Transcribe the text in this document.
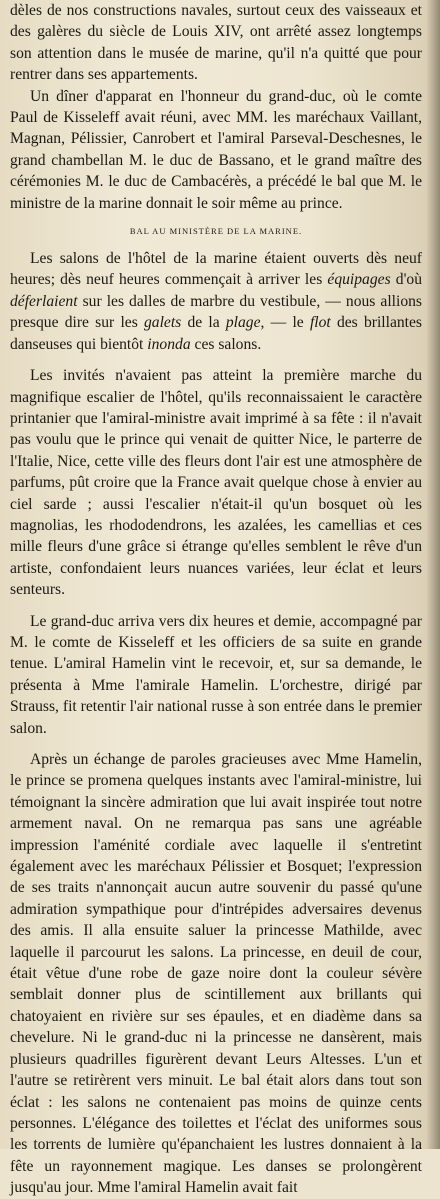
dèles de nos constructions navales, surtout ceux des vaisseaux et des galères du siècle de Louis XIV, ont arrêté assez longtemps son attention dans le musée de marine, qu'il n'a quitté que pour rentrer dans ses appartements.

Un dîner d'apparat en l'honneur du grand-duc, où le comte Paul de Kisseleff avait réuni, avec MM. les maréchaux Vaillant, Magnan, Pélissier, Canrobert et l'amiral Parseval-Deschesnes, le grand chambellan M. le duc de Bassano, et le grand maître des cérémonies M. le duc de Cambacérès, a précédé le bal que M. le ministre de la marine donnait le soir même au prince.

BAL AU MINISTÈRE DE LA MARINE.

Les salons de l'hôtel de la marine étaient ouverts dès neuf heures; dès neuf heures commençait à arriver les équipages d'où déferlaient sur les dalles de marbre du vestibule, — nous allions presque dire sur les galets de la plage, — le flot des brillantes danseuses qui bientôt inonda ces salons.

Les invités n'avaient pas atteint la première marche du magnifique escalier de l'hôtel, qu'ils reconnaissaient le caractère printanier que l'amiral-ministre avait imprimé à sa fête : il n'avait pas voulu que le prince qui venait de quitter Nice, le parterre de l'Italie, Nice, cette ville des fleurs dont l'air est une atmosphère de parfums, pût croire que la France avait quelque chose à envier au ciel sarde ; aussi l'escalier n'était-il qu'un bosquet où les magnolias, les rhododendrons, les azalées, les camellias et ces mille fleurs d'une grâce si étrange qu'elles semblent le rêve d'un artiste, confondaient leurs nuances variées, leur éclat et leurs senteurs.

Le grand-duc arriva vers dix heures et demie, accompagné par M. le comte de Kisseleff et les officiers de sa suite en grande tenue. L'amiral Hamelin vint le recevoir, et, sur sa demande, le présenta à Mme l'amirale Hamelin. L'orchestre, dirigé par Strauss, fit retentir l'air national russe à son entrée dans le premier salon.

Après un échange de paroles gracieuses avec Mme Hamelin, le prince se promena quelques instants avec l'amiral-ministre, lui témoignant la sincère admiration que lui avait inspirée tout notre armement naval. On ne remarqua pas sans une agréable impression l'aménité cordiale avec laquelle il s'entretint également avec les maréchaux Pélissier et Bosquet; l'expression de ses traits n'annonçait aucun autre souvenir du passé qu'une admiration sympathique pour d'intrépides adversaires devenus des amis. Il alla ensuite saluer la princesse Mathilde, avec laquelle il parcourut les salons. La princesse, en deuil de cour, était vêtue d'une robe de gaze noire dont la couleur sévère semblait donner plus de scintillement aux brillants qui chatoyaient en rivière sur ses épaules, et en diadème dans sa chevelure. Ni le grand-duc ni la princesse ne dansèrent, mais plusieurs quadrilles figurèrent devant Leurs Altesses. L'un et l'autre se retirèrent vers minuit. Le bal était alors dans tout son éclat : les salons ne contenaient pas moins de quinze cents personnes. L'élégance des toilettes et l'éclat des uniformes sous les torrents de lumière qu'épanchaient les lustres donnaient à la fête un rayonnement magique. Les danses se prolongèrent jusqu'au jour. Mme l'amiral Hamelin avait fait
